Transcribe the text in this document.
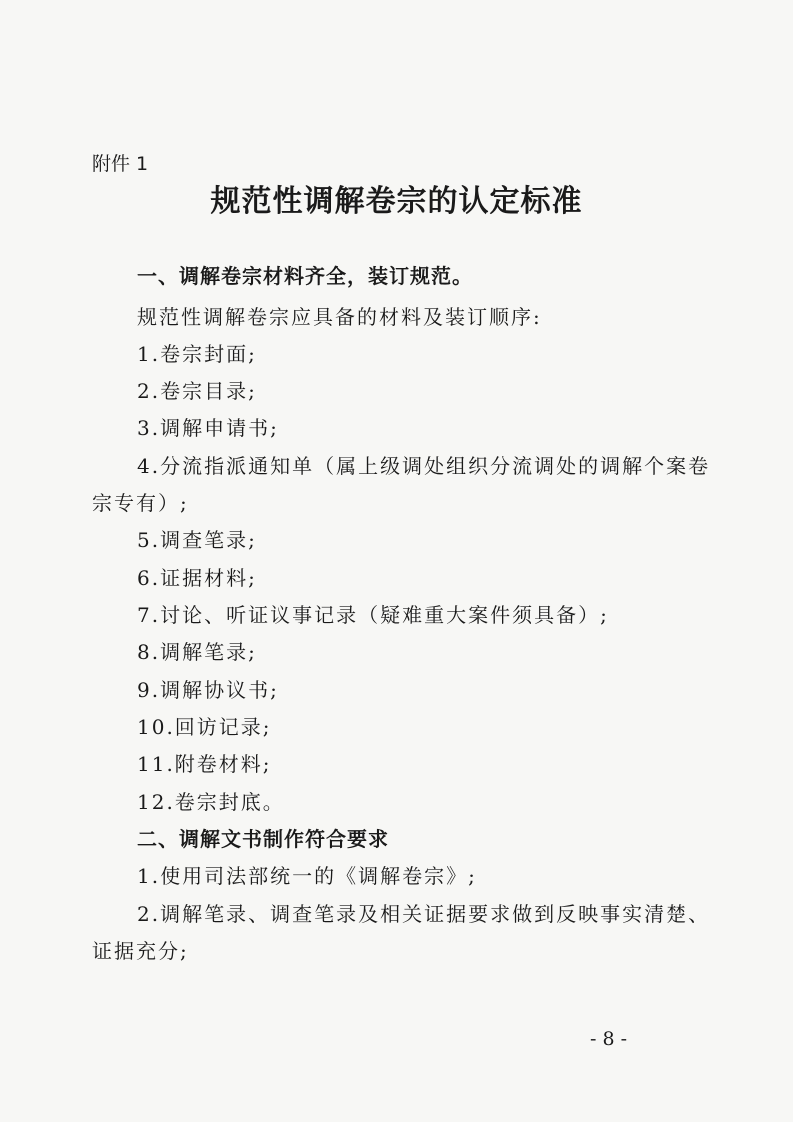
附件 1
规范性调解卷宗的认定标准
一、调解卷宗材料齐全，装订规范。
规范性调解卷宗应具备的材料及装订顺序:
1.卷宗封面;
2.卷宗目录;
3.调解申请书;
4.分流指派通知单（属上级调处组织分流调处的调解个案卷
宗专有）;
5.调查笔录;
6.证据材料;
7.讨论、听证议事记录（疑难重大案件须具备）;
8.调解笔录;
9.调解协议书;
10.回访记录;
11.附卷材料;
12.卷宗封底。
二、调解文书制作符合要求
1.使用司法部统一的《调解卷宗》;
2.调解笔录、调查笔录及相关证据要求做到反映事实清楚、
证据充分;
- 8 -
